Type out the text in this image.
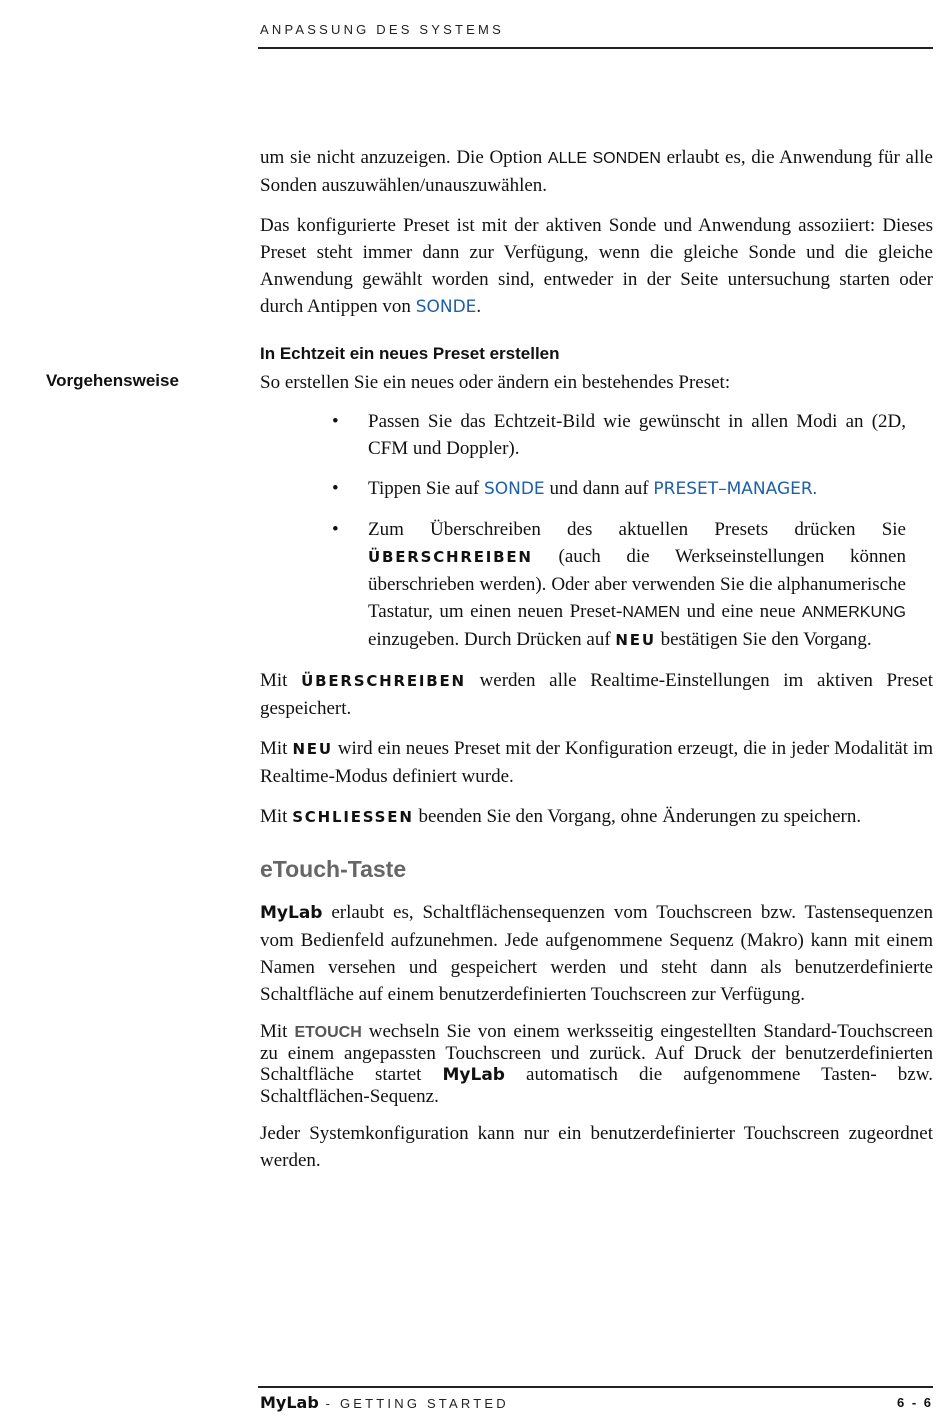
ANPASSUNG DES SYSTEMS
Vorgehensweise

um sie nicht anzuzeigen. Die Option ALLE SONDEN erlaubt es, die Anwendung für alle Sonden auszuwählen/unauszuwählen.

Das konfigurierte Preset ist mit der aktiven Sonde und Anwendung assoziiert: Dieses Preset steht immer dann zur Verfügung, wenn die gleiche Sonde und die gleiche Anwendung gewählt worden sind, entweder in der Seite untersuchung starten oder durch Antippen von SONDE.

In Echtzeit ein neues Preset erstellen

So erstellen Sie ein neues oder ändern ein bestehendes Preset:

• Passen Sie das Echtzeit-Bild wie gewünscht in allen Modi an (2D, CFM und Doppler).
• Tippen Sie auf SONDE und dann auf PRESET–MANAGER.
• Zum Überschreiben des aktuellen Presets drücken Sie ÜBERSCHREIBEN (auch die Werkseinstellungen können überschrieben werden). Oder aber verwenden Sie die alphanumerische Tastatur, um einen neuen Preset-NAMEN und eine neue ANMERKUNG einzugeben. Durch Drücken auf NEU bestätigen Sie den Vorgang.

Mit ÜBERSCHREIBEN werden alle Realtime-Einstellungen im aktiven Preset gespeichert.

Mit NEU wird ein neues Preset mit der Konfiguration erzeugt, die in jeder Modalität im Realtime-Modus definiert wurde.

Mit SCHLIESSEN beenden Sie den Vorgang, ohne Änderungen zu speichern.

eTouch-Taste

MyLab erlaubt es, Schaltflächensequenzen vom Touchscreen bzw. Tastensequenzen vom Bedienfeld aufzunehmen. Jede aufgenommene Sequenz (Makro) kann mit einem Namen versehen und gespeichert werden und steht dann als benutzerdefinierte Schaltfläche auf einem benutzerdefinierten Touchscreen zur Verfügung.

Mit ETOUCH wechseln Sie von einem werksseitig eingestellten Standard-Touchscreen zu einem angepassten Touchscreen und zurück. Auf Druck der benutzerdefinierten Schaltfläche startet MyLab automatisch die aufgenommene Tasten- bzw. Schaltflächen-Sequenz.

Jeder Systemkonfiguration kann nur ein benutzerdefinierter Touchscreen zugeordnet werden.

MyLab - GETTING STARTED	6 - 6
